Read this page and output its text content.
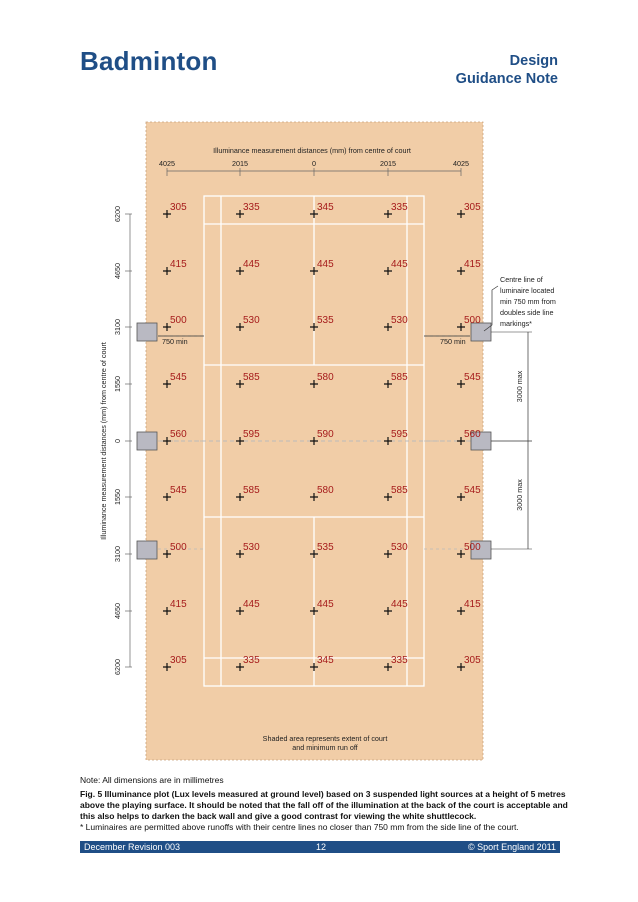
Badminton	Design
Guidance Note
Illuminance measurement distances (mm) from centre of court
4025	2015	0	2015	4025
6200
4650
3100
1550
0
1550
3100
4650
6200
Illuminance measurement distances (mm) from centre of court
305	335	345	335	305
415	445	445	445	415
500	530	535	530	500
545	585	580	585	545
560	595	590	595	560
545	585	580	585	545
500	530	535	530	500
415	445	445	445	415
305	335	345	335	305
750 min	750 min
3000 max
3000 max
Centre line of
luminaire located
min 750 mm from
doubles side line
markings*
Shaded area represents extent of court
and minimum run off
Note: All dimensions are in millimetres
Fig. 5 Illuminance plot (Lux levels measured at ground level) based on 3 suspended light sources at a height of 5 metres above the playing surface. It should be noted that the fall off of the illumination at the back of the court is acceptable and this also helps to darken the back wall and give a good contrast for viewing the white shuttlecock.
* Luminaires are permitted above runoffs with their centre lines no closer than 750 mm from the side line of the court.
December Revision 003	12	© Sport England 2011
